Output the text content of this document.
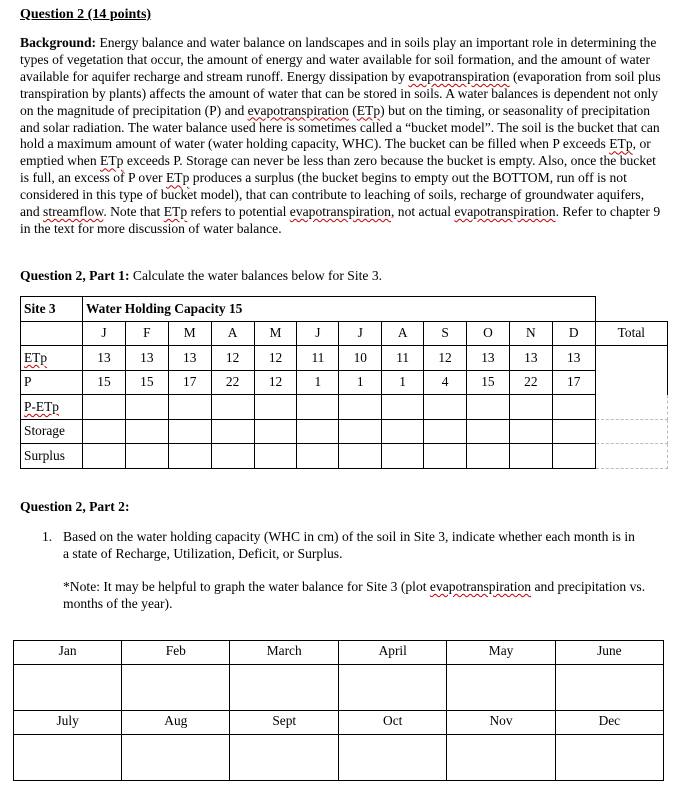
Question 2 (14 points)
Background: Energy balance and water balance on landscapes and in soils play an important role in determining the types of vegetation that occur, the amount of energy and water available for soil formation, and the amount of water available for aquifer recharge and stream runoff. Energy dissipation by evapotranspiration (evaporation from soil plus transpiration by plants) affects the amount of water that can be stored in soils. A water balances is dependent not only on the magnitude of precipitation (P) and evapotranspiration (ETp) but on the timing, or seasonality of precipitation and solar radiation. The water balance used here is sometimes called a “bucket model”. The soil is the bucket that can hold a maximum amount of water (water holding capacity, WHC). The bucket can be filled when P exceeds ETp, or emptied when ETp exceeds P. Storage can never be less than zero because the bucket is empty. Also, once the bucket is full, an excess of P over ETp produces a surplus (the bucket begins to empty out the BOTTOM, run off is not considered in this type of bucket model), that can contribute to leaching of soils, recharge of groundwater aquifers, and streamflow. Note that ETp refers to potential evapotranspiration, not actual evapotranspiration. Refer to chapter 9 in the text for more discussion of water balance.
Question 2, Part 1: Calculate the water balances below for Site 3.
Site 3	Water Holding Capacity 15												
	J	F	M	A	M	J	J	A	S	O	N	D	Total
ETp	13	13	13	12	12	11	10	11	12	13	13	13	
P	15	15	17	22	12	1	1	1	4	15	22	17	
P-ETp													
Storage													
Surplus													
Question 2, Part 2:
1. Based on the water holding capacity (WHC in cm) of the soil in Site 3, indicate whether each month is in a state of Recharge, Utilization, Deficit, or Surplus.
*Note: It may be helpful to graph the water balance for Site 3 (plot evapotranspiration and precipitation vs. months of the year).
Jan	Feb	March	April	May	June

July	Aug	Sept	Oct	Nov	Dec
